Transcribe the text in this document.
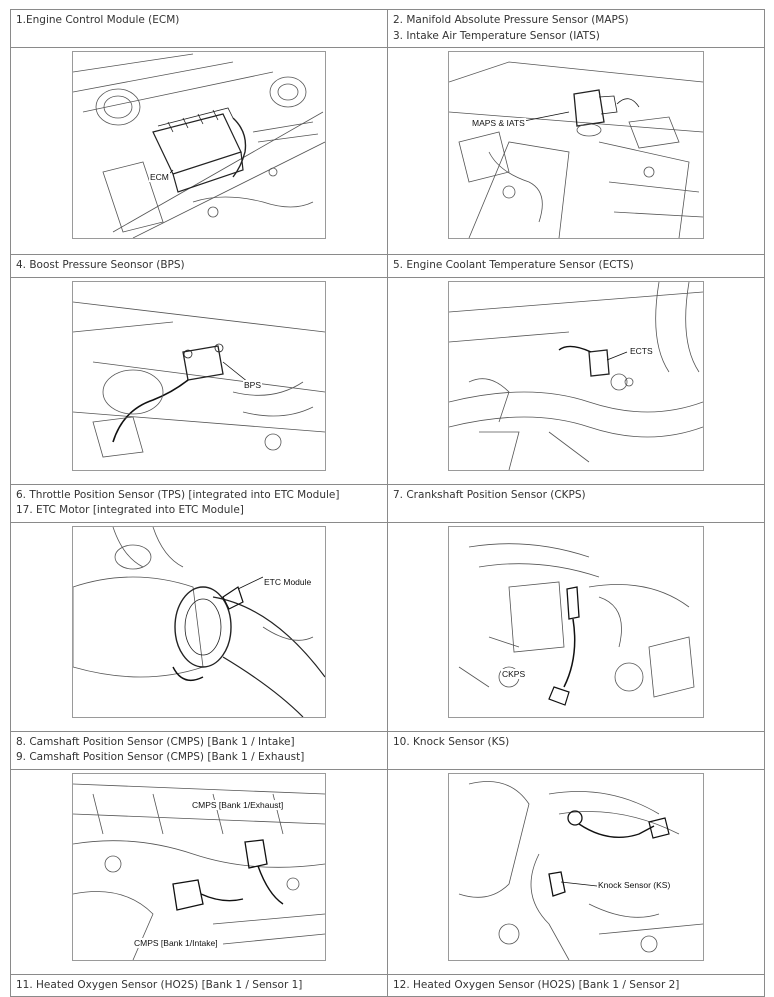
1.Engine Control Module (ECM)	2. Manifold Absolute Pressure Sensor (MAPS)
3. Intake Air Temperature Sensor (IATS)

ECM	MAPS & IATS

4. Boost Pressure Seonsor (BPS)	5. Engine Coolant Temperature Sensor (ECTS)

BPS	ECTS

6. Throttle Position Sensor (TPS) [integrated into ETC Module]
17. ETC Motor [integrated into ETC Module]	7. Crankshaft Position Sensor (CKPS)

ETC Module	CKPS

8. Camshaft Position Sensor (CMPS) [Bank 1 / Intake]
9. Camshaft Position Sensor (CMPS) [Bank 1 / Exhaust]	10. Knock Sensor (KS)

CMPS [Bank 1/Exhaust]
CMPS [Bank 1/Intake]	Knock Sensor (KS)

11. Heated Oxygen Sensor (HO2S) [Bank 1 / Sensor 1]	12. Heated Oxygen Sensor (HO2S) [Bank 1 / Sensor 2]
